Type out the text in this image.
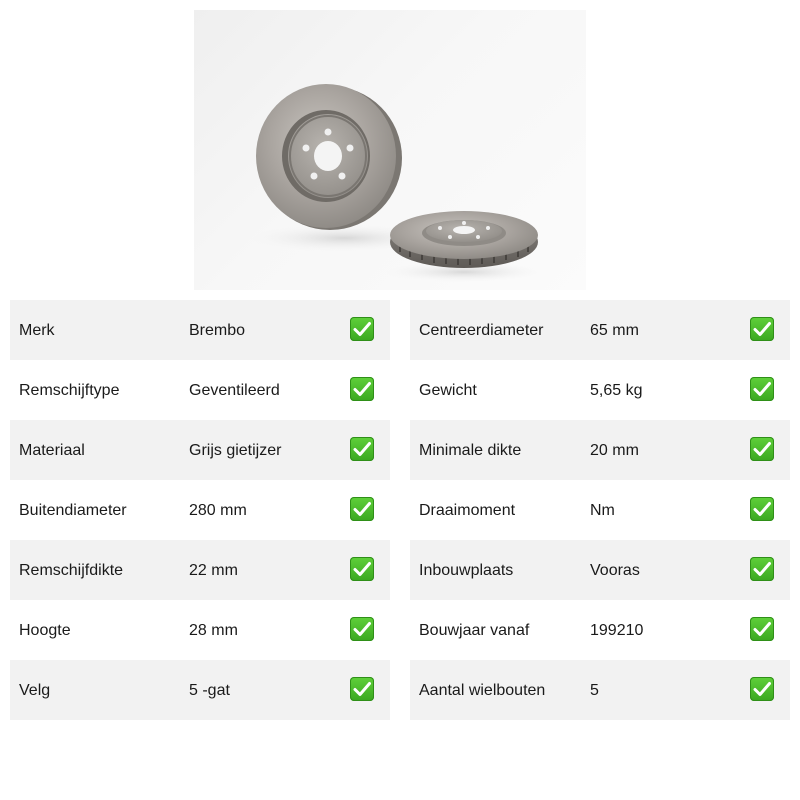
Merk	Brembo
Remschijftype	Geventileerd
Materiaal	Grijs gietijzer
Buitendiameter	280 mm
Remschijfdikte	22 mm
Hoogte	28 mm
Velg	5 -gat
Centreerdiameter	65 mm
Gewicht	5,65 kg
Minimale dikte	20 mm
Draaimoment	Nm
Inbouwplaats	Vooras
Bouwjaar vanaf	199210
Aantal wielbouten	5
